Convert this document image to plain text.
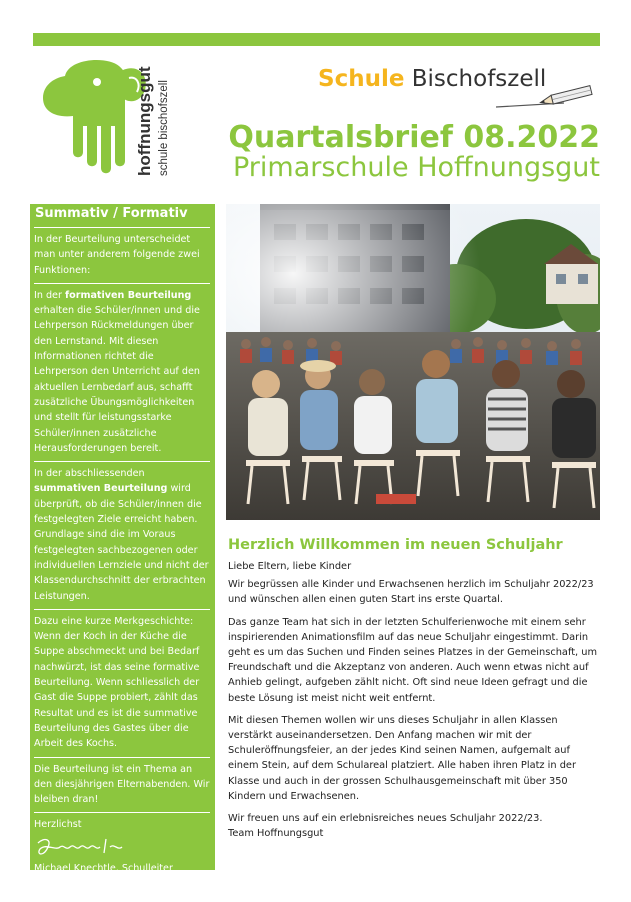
hoffnungsgut schule bischofszell
Schule Bischofszell
Quartalsbrief 08.2022
Primarschule Hoffnungsgut
Summativ / Formativ
In der Beurteilung unterscheidet man unter anderem folgende zwei Funktionen:
In der formativen Beurteilung erhalten die Schüler/innen und die Lehrperson Rückmeldungen über den Lernstand. Mit diesen Informationen richtet die Lehrperson den Unterricht auf den aktuellen Lernbedarf aus, schafft zusätzliche Übungsmöglichkeiten und stellt für leistungsstarke Schüler/innen zusätzliche Herausforderungen bereit.
In der abschliessenden summativen Beurteilung wird überprüft, ob die Schüler/innen die festgelegten Ziele erreicht haben. Grundlage sind die im Voraus festgelegten sachbezogenen oder individuellen Lernziele und nicht der Klassendurchschnitt der erbrachten Leistungen.
Dazu eine kurze Merkgeschichte: Wenn der Koch in der Küche die Suppe abschmeckt und bei Bedarf nachwürzt, ist das seine formative Beurteilung. Wenn schliesslich der Gast die Suppe probiert, zählt das Resultat und es ist die summative Beurteilung des Gastes über die Arbeit des Kochs.
Die Beurteilung ist ein Thema an den diesjährigen Elternabenden. Wir bleiben dran!
Herzlichst
Michael Knechtle, Schulleiter
Herzlich Willkommen im neuen Schuljahr

Liebe Eltern, liebe Kinder

Wir begrüssen alle Kinder und Erwachsenen herzlich im Schuljahr 2022/23 und wünschen allen einen guten Start ins erste Quartal.

Das ganze Team hat sich in der letzten Schulferienwoche mit einem sehr inspirierenden Animationsfilm auf das neue Schuljahr eingestimmt. Darin geht es um das Suchen und Finden seines Platzes in der Gemeinschaft, um Freundschaft und die Akzeptanz von anderen. Auch wenn etwas nicht auf Anhieb gelingt, aufgeben zählt nicht. Oft sind neue Ideen gefragt und die beste Lösung ist meist nicht weit entfernt.

Mit diesen Themen wollen wir uns dieses Schuljahr in allen Klassen verstärkt auseinandersetzen. Den Anfang machen wir mit der Schuleröffnungsfeier, an der jedes Kind seinen Namen, aufgemalt auf einem Stein, auf dem Schulareal platziert. Alle haben ihren Platz in der Klasse und auch in der grossen Schulhausgemeinschaft mit über 350 Kindern und Erwachsenen.

Wir freuen uns auf ein erlebnisreiches neues Schuljahr 2022/23.

Team Hoffnungsgut
